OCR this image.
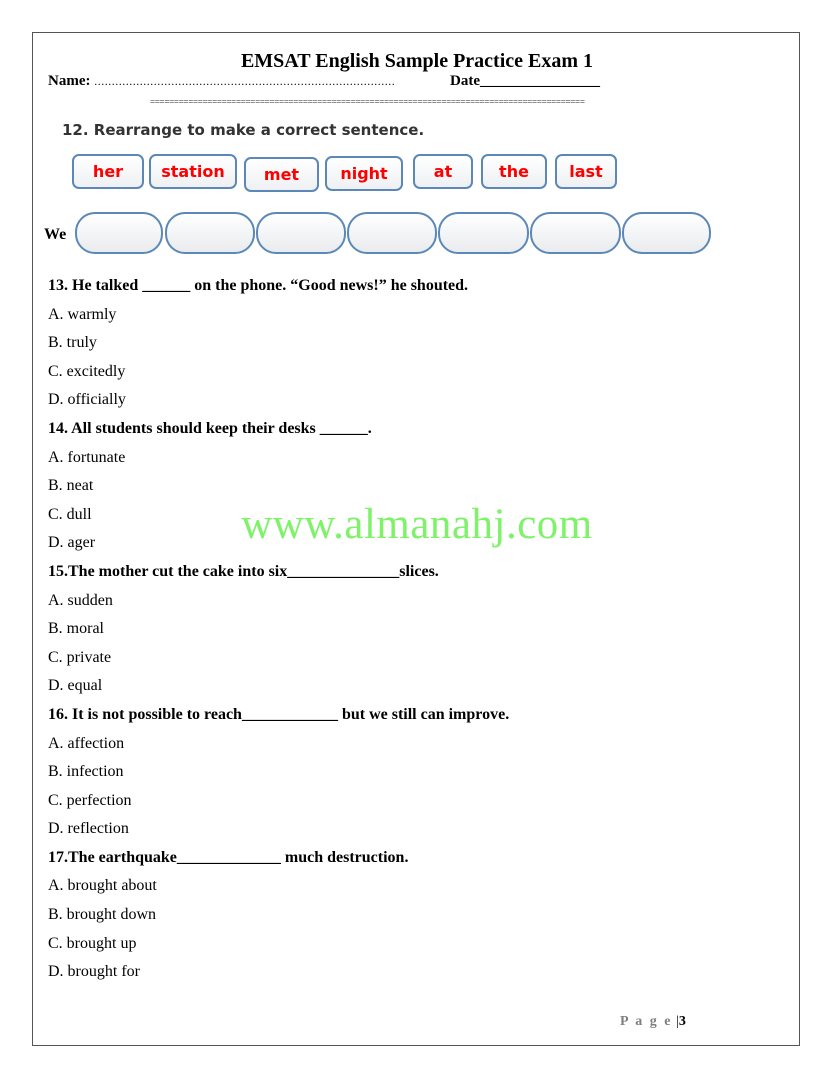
EMSAT English Sample Practice Exam 1
Name: ......................................................................................	Date________________
===========================================================================================
12. Rearrange to make a correct sentence.
her	station	met	night	at	the	last
We
13. He talked ______ on the phone. “Good news!” he shouted.
A. warmly
B. truly
C. excitedly
D. officially
14. All students should keep their desks ______.
A. fortunate
B. neat
C. dull
D. ager
15.The mother cut the cake into six______________slices.
A. sudden
B. moral
C. private
D. equal
16. It is not possible to reach____________ but we still can improve.
A. affection
B. infection
C. perfection
D. reflection
17.The earthquake_____________ much destruction.
A. brought about
B. brought down
C. brought up
D. brought for
www.almanahj.com
P a g e |3
